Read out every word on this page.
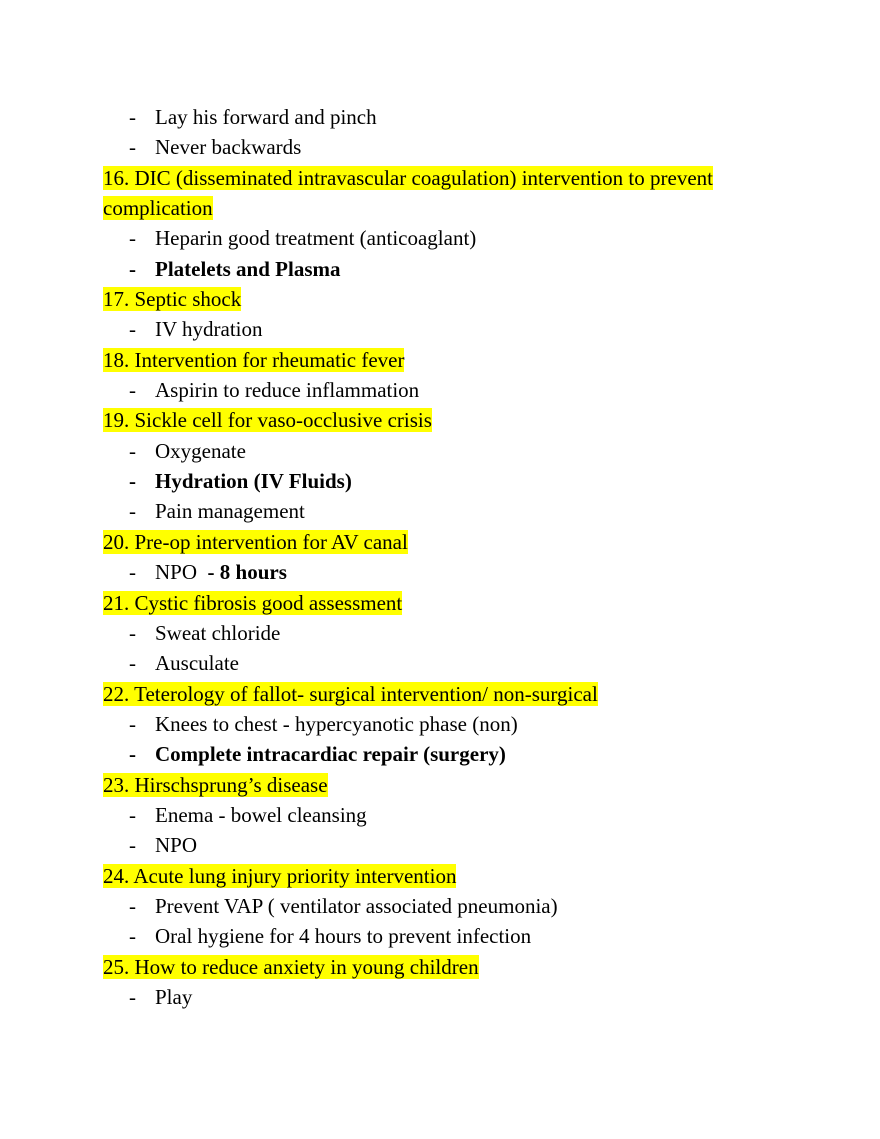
- Lay his forward and pinch

- Never backwards

16. DIC (disseminated intravascular coagulation) intervention to prevent complication

- Heparin good treatment (anticoaglant)

- Platelets and Plasma

17. Septic shock

- IV hydration

18. Intervention for rheumatic fever

- Aspirin to reduce inflammation

19. Sickle cell for vaso-occlusive crisis

- Oxygenate

- Hydration (IV Fluids)

- Pain management

20. Pre-op intervention for AV canal

- NPO  - 8 hours

21. Cystic fibrosis good assessment

- Sweat chloride

- Ausculate

22. Teterology of fallot- surgical intervention/ non-surgical

- Knees to chest - hypercyanotic phase (non)

- Complete intracardiac repair (surgery)

23. Hirschsprung’s disease

- Enema - bowel cleansing

- NPO

24. Acute lung injury priority intervention

- Prevent VAP ( ventilator associated pneumonia)

- Oral hygiene for 4 hours to prevent infection

25. How to reduce anxiety in young children

- Play
